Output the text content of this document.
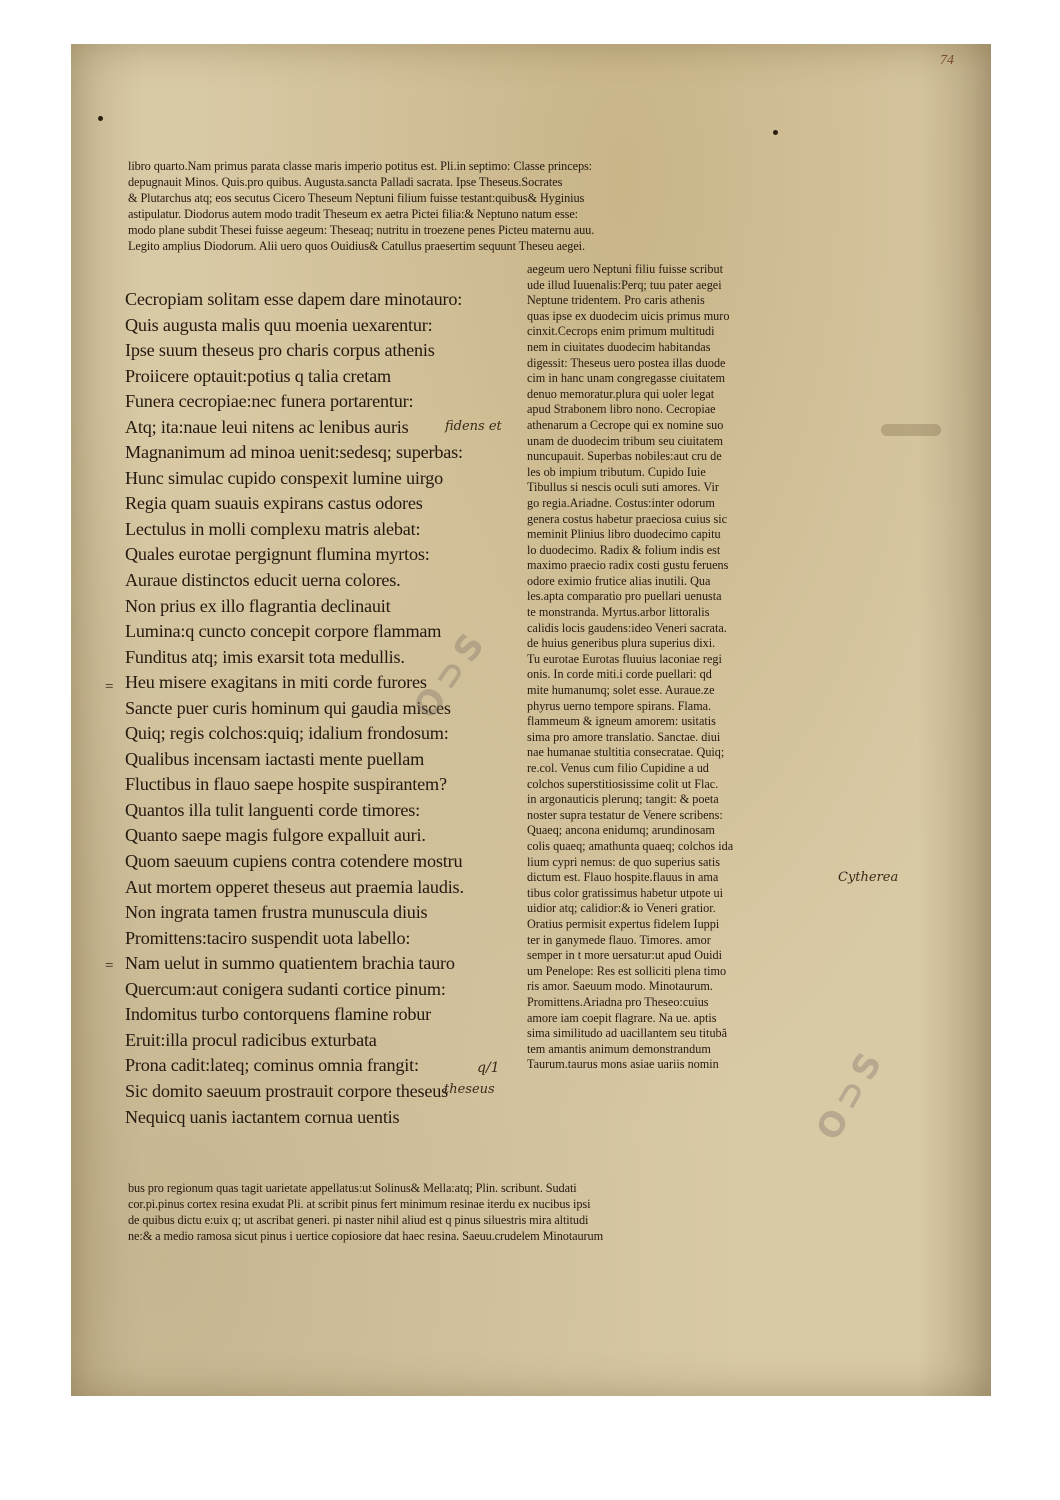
74
libro quarto.Nam primus parata classe maris imperio potitus est. Pli.in septimo: Classe princeps:
depugnauit Minos. Quis.pro quibus. Augusta.sancta Palladi sacrata. Ipse Theseus.Socrates
& Plutarchus atq; eos secutus Cicero Theseum Neptuni filium fuisse testant:quibus& Hyginius
astipulatur. Diodorus autem modo tradit Theseum ex aetra Pictei filia:& Neptuno natum esse:
modo plane subdit Thesei fuisse aegeum: Theseaq; nutritu in troezene penes Picteu maternu auu.
Legito amplius Diodorum. Alii uero quos Ouidius& Catullus praesertim sequunt Theseu aegei.
Cecropiam solitam esse dapem dare minotauro:
Quis augusta malis quu moenia uexarentur:
Ipse suum theseus pro charis corpus athenis
Proiicere optauit:potius q talia cretam
Funera cecropiae:nec funera portarentur:
Atq; ita:naue leui nitens ac lenibus auris
Magnanimum ad minoa uenit:sedesq; superbas:
Hunc simulac cupido conspexit lumine uirgo
Regia quam suauis expirans castus odores
Lectulus in molli complexu matris alebat:
Quales eurotae pergignunt flumina myrtos:
Auraue distinctos educit uerna colores.
Non prius ex illo flagrantia declinauit
Lumina:q cuncto concepit corpore flammam
Funditus atq; imis exarsit tota medullis.
Heu misere exagitans in miti corde furores
Sancte puer curis hominum qui gaudia misces
Quiq; regis colchos:quiq; idalium frondosum:
Qualibus incensam iactasti mente puellam
Fluctibus in flauo saepe hospite suspirantem?
Quantos illa tulit languenti corde timores:
Quanto saepe magis fulgore expalluit auri.
Quom saeuum cupiens contra cotendere mostru
Aut mortem opperet theseus aut praemia laudis.
Non ingrata tamen frustra munuscula diuis
Promittens:taciro suspendit uota labello:
Nam uelut in summo quatientem brachia tauro
Quercum:aut conigera sudanti cortice pinum:
Indomitus turbo contorquens flamine robur
Eruit:illa procul radicibus exturbata
Prona cadit:lateq; cominus omnia frangit:
Sic domito saeuum prostrauit corpore theseus
Nequicq uanis iactantem cornua uentis
aegeum uero Neptuni filiu fuisse scribut
ude illud Iuuenalis:Perq; tuu pater aegei
Neptune tridentem. Pro caris athenis
quas ipse ex duodecim uicis primus muro
cinxit.Cecrops enim primum multitudi
nem in ciuitates duodecim habitandas
digessit: Theseus uero postea illas duode
cim in hanc unam congregasse ciuitatem
denuo memoratur.plura qui uoler legat
apud Strabonem libro nono. Cecropiae
athenarum a Cecrope qui ex nomine suo
unam de duodecim tribum seu ciuitatem
nuncupauit. Superbas nobiles:aut cru de
les ob impium tributum. Cupido Iuie
Tibullus si nescis oculi suti amores. Vir
go regia.Ariadne. Costus:inter odorum
genera costus habetur praeciosa cuius sic
meminit Plinius libro duodecimo capitu
lo duodecimo. Radix & folium indis est
maximo praecio radix costi gustu feruens
odore eximio frutice alias inutili. Qua
les.apta comparatio pro puellari uenusta
te monstranda. Myrtus.arbor littoralis
calidis locis gaudens:ideo Veneri sacrata.
de huius generibus plura superius dixi.
Tu eurotae Eurotas fluuius laconiae regi
onis. In corde miti.i corde puellari: qd
mite humanumq; solet esse. Auraue.ze
phyrus uerno tempore spirans. Flama.
flammeum & igneum amorem: usitatis
sima pro amore translatio. Sanctae. diui
nae humanae stultitia consecratae. Quiq;
re.col. Venus cum filio Cupidine a ud
colchos superstitiosissime colit ut Flac.
in argonauticis plerunq; tangit: & poeta
noster supra testatur de Venere scribens:
Quaeq; ancona enidumq; arundinosam
colis quaeq; amathunta quaeq; colchos ida
lium cypri nemus: de quo superius satis
dictum est. Flauo hospite.flauus in ama
tibus color gratissimus habetur utpote ui
uidior atq; calidior:& io Veneri gratior.
Oratius permisit expertus fidelem Iuppi
ter in ganymede flauo. Timores. amor
semper in t more uersatur:ut apud Ouidi
um Penelope: Res est solliciti plena timo
ris amor. Saeuum modo. Minotaurum.
Promittens.Ariadna pro Theseo:cuius
amore iam coepit flagrare. Na ue. aptis
sima similitudo ad uacillantem seu titubă
tem amantis animum demonstrandum
Taurum.taurus mons asiae uariis nomin
bus pro regionum quas tagit uarietate appellatus:ut Solinus& Mella:atq; Plin. scribunt. Sudati
cor.pi.pinus cortex resina exudat Pli. at scribit pinus fert minimum resinae iterdu ex nucibus ipsi
de quibus dictu e:uix q; ut ascribat generi. pi naster nihil aliud est q pinus siluestris mira altitudi
ne:& a medio ramosa sicut pinus i uertice copiosiore dat haec resina. Saeuu.crudelem Minotaurum
=
=
fidens et
Cytherea
q/1
theseus
O⊃S
O⊃S
